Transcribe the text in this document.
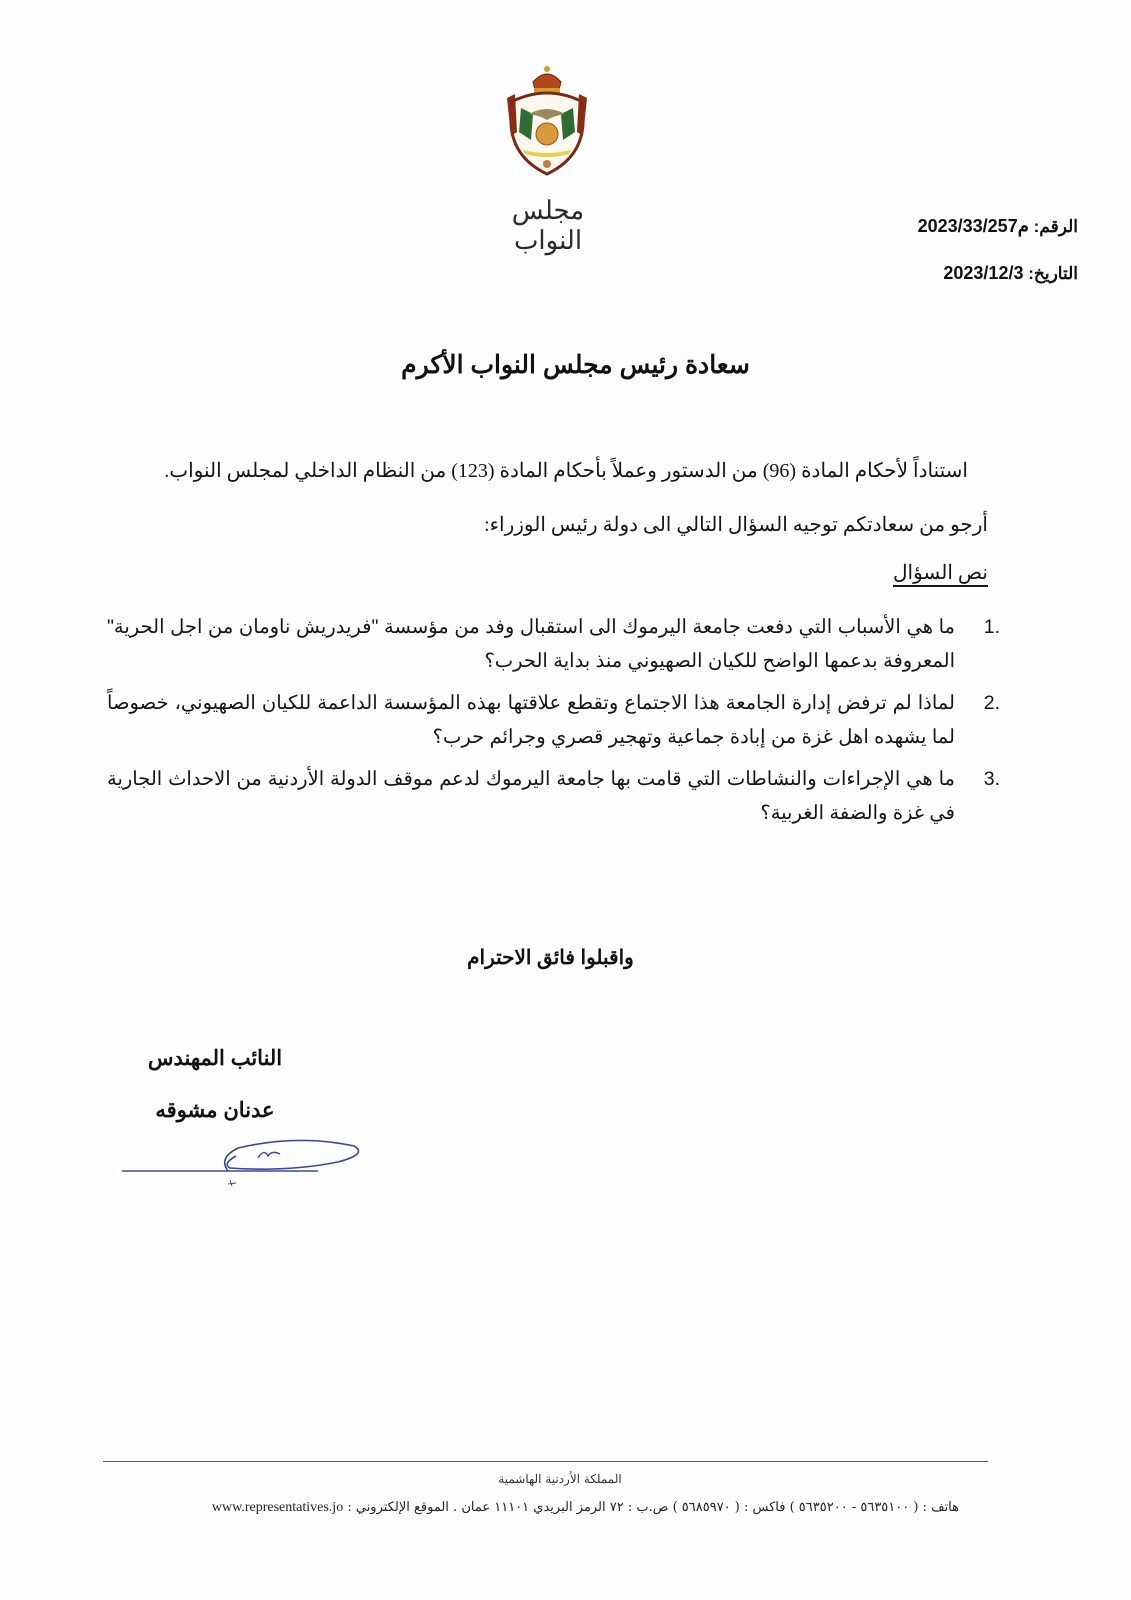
مجلس النواب	الرقم: م2023/33/257
التاريخ: 2023/12/3
سعادة رئيس مجلس النواب الأكرم
استناداً لأحكام المادة (96) من الدستور وعملاً بأحكام المادة (123) من النظام الداخلي لمجلس النواب.
أرجو من سعادتكم توجيه السؤال التالي الى دولة رئيس الوزراء:
نص السؤال
1.
ما هي الأسباب التي دفعت جامعة اليرموك الى استقبال وفد من مؤسسة "فريدريش ناومان من اجل الحرية" المعروفة بدعمها الواضح للكيان الصهيوني منذ بداية الحرب؟
2.
لماذا لم ترفض إدارة الجامعة هذا الاجتماع وتقطع علاقتها بهذه المؤسسة الداعمة للكيان الصهيوني، خصوصاً لما يشهده اهل غزة من إبادة جماعية وتهجير قصري وجرائم حرب؟
3.
ما هي الإجراءات والنشاطات التي قامت بها جامعة اليرموك لدعم موقف الدولة الأردنية من الاحداث الجارية في غزة والضفة الغربية؟
واقبلوا فائق الاحترام
النائب المهندس
عدنان مشوقه
المملكة الأردنية الهاشمية
هاتف : ( ٥٦٣٥١٠٠ - ٥٦٣٥٢٠٠ ) فاكس : ( ٥٦٨٥٩٧٠ ) ص.ب : ٧٢ الرمز البريدي ١١١٠١ عمان . الموقع الإلكتروني : www.representatives.jo
